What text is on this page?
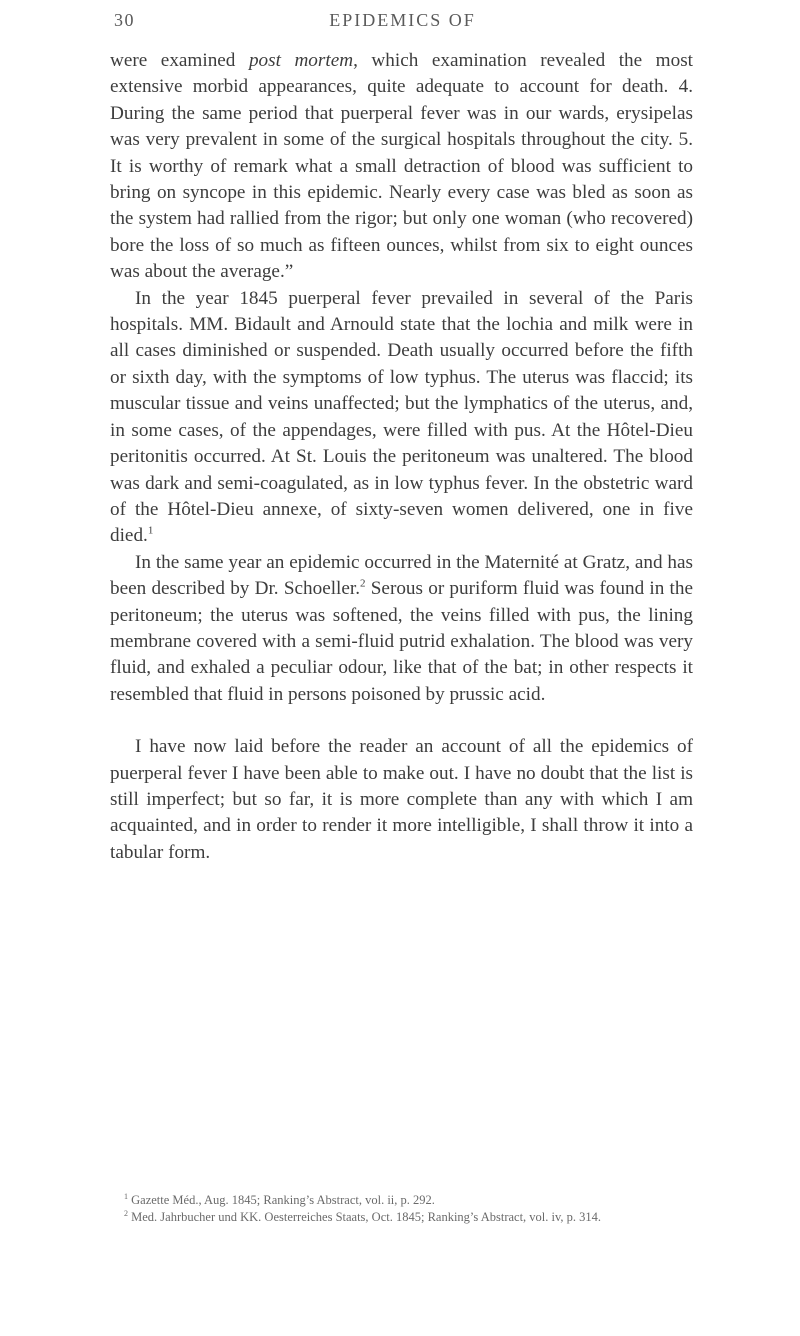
30	EPIDEMICS OF

were examined post mortem, which examination revealed the most extensive morbid appearances, quite adequate to account for death. 4. During the same period that puerperal fever was in our wards, erysipelas was very prevalent in some of the surgical hospitals throughout the city. 5. It is worthy of remark what a small detraction of blood was sufficient to bring on syncope in this epidemic. Nearly every case was bled as soon as the system had rallied from the rigor; but only one woman (who recovered) bore the loss of so much as fifteen ounces, whilst from six to eight ounces was about the average.”

In the year 1845 puerperal fever prevailed in several of the Paris hospitals. MM. Bidault and Arnould state that the lochia and milk were in all cases diminished or suspended. Death usually occurred before the fifth or sixth day, with the symptoms of low typhus. The uterus was flaccid; its muscular tissue and veins unaffected; but the lymphatics of the uterus, and, in some cases, of the appendages, were filled with pus. At the Hôtel-Dieu peritonitis occurred. At St. Louis the peritoneum was unaltered. The blood was dark and semi-coagulated, as in low typhus fever. In the obstetric ward of the Hôtel-Dieu annexe, of sixty-seven women delivered, one in five died.$^1$

In the same year an epidemic occurred in the Maternité at Gratz, and has been described by Dr. Schoeller.$^2$ Serous or puriform fluid was found in the peritoneum; the uterus was softened, the veins filled with pus, the lining membrane covered with a semi-fluid putrid exhalation. The blood was very fluid, and exhaled a peculiar odour, like that of the bat; in other respects it resembled that fluid in persons poisoned by prussic acid.

I have now laid before the reader an account of all the epidemics of puerperal fever I have been able to make out. I have no doubt that the list is still imperfect; but so far, it is more complete than any with which I am acquainted, and in order to render it more intelligible, I shall throw it into a tabular form.

$^1$ Gazette Méd., Aug. 1845; Ranking’s Abstract, vol. ii, p. 292.

$^2$ Med. Jahrbucher und KK. Oesterreiches Staats, Oct. 1845; Ranking’s Abstract, vol. iv, p. 314.
